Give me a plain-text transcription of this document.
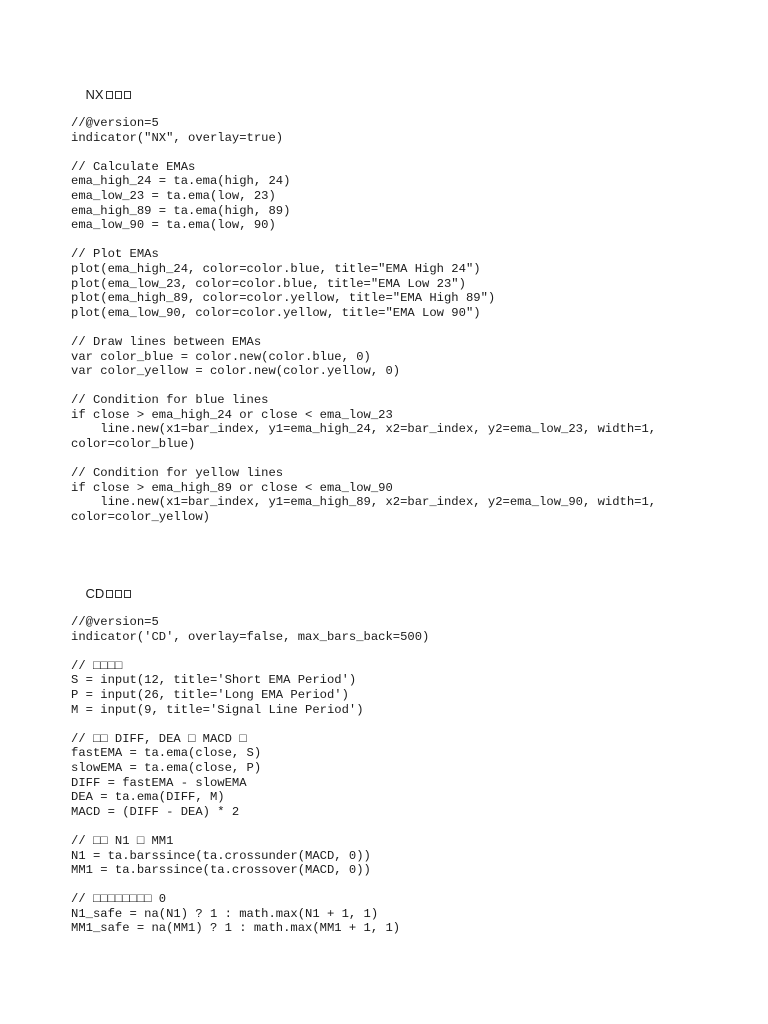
NX

//@version=5
indicator("NX", overlay=true)
// Calculate EMAs
ema_high_24 = ta.ema(high, 24)
ema_low_23 = ta.ema(low, 23)
ema_high_89 = ta.ema(high, 89)
ema_low_90 = ta.ema(low, 90)
// Plot EMAs
plot(ema_high_24, color=color.blue, title="EMA High 24")
plot(ema_low_23, color=color.blue, title="EMA Low 23")
plot(ema_high_89, color=color.yellow, title="EMA High 89")
plot(ema_low_90, color=color.yellow, title="EMA Low 90")
// Draw lines between EMAs
var color_blue = color.new(color.blue, 0)
var color_yellow = color.new(color.yellow, 0)
// Condition for blue lines
if close > ema_high_24 or close < ema_low_23
line.new(x1=bar_index, y1=ema_high_24, x2=bar_index, y2=ema_low_23, width=1,
color=color_blue)
// Condition for yellow lines
if close > ema_high_89 or close < ema_low_90
line.new(x1=bar_index, y1=ema_high_89, x2=bar_index, y2=ema_low_90, width=1,
color=color_yellow)

CD

//@version=5
indicator('CD', overlay=false, max_bars_back=500)
// □□□□
S = input(12, title='Short EMA Period')
P = input(26, title='Long EMA Period')
M = input(9, title='Signal Line Period')
// □□ DIFF, DEA □ MACD □
fastEMA = ta.ema(close, S)
slowEMA = ta.ema(close, P)
DIFF = fastEMA - slowEMA
DEA = ta.ema(DIFF, M)
MACD = (DIFF - DEA) * 2
// □□ N1 □ MM1
N1 = ta.barssince(ta.crossunder(MACD, 0))
MM1 = ta.barssince(ta.crossover(MACD, 0))
// □□□□□□□□ 0
N1_safe = na(N1) ? 1 : math.max(N1 + 1, 1)
MM1_safe = na(MM1) ? 1 : math.max(MM1 + 1, 1)
